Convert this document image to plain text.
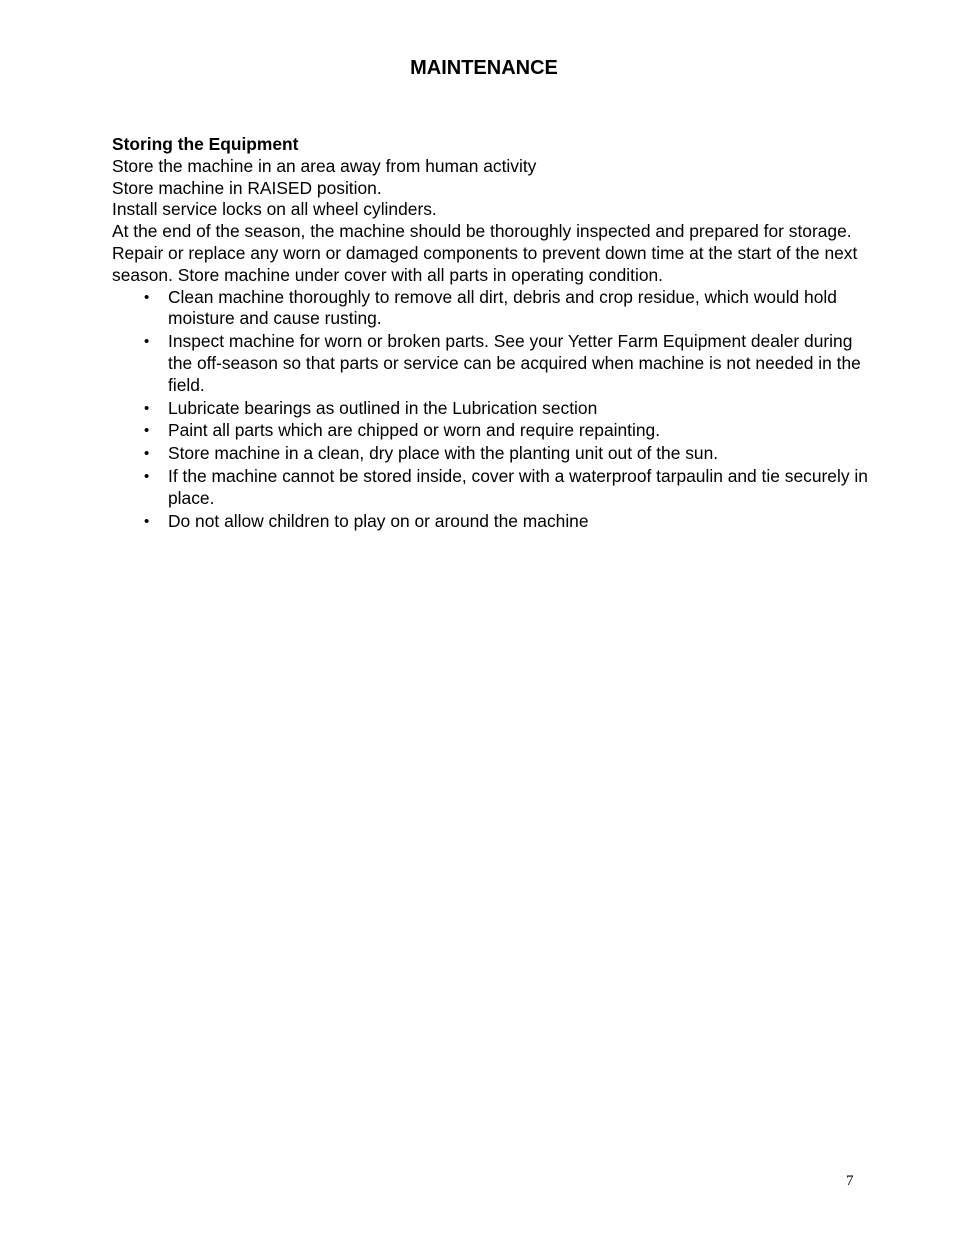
MAINTENANCE

Storing the Equipment

Store the machine in an area away from human activity

Store machine in RAISED position.

Install service locks on all wheel cylinders.

At the end of the season, the machine should be thoroughly inspected and prepared for storage. Repair or replace any worn or damaged components to prevent down time at the start of the next season. Store machine under cover with all parts in operating condition.

• Clean machine thoroughly to remove all dirt, debris and crop residue, which would hold moisture and cause rusting.
• Inspect machine for worn or broken parts. See your Yetter Farm Equipment dealer during the off-season so that parts or service can be acquired when machine is not needed in the field.
• Lubricate bearings as outlined in the Lubrication section
• Paint all parts which are chipped or worn and require repainting.
• Store machine in a clean, dry place with the planting unit out of the sun.
• If the machine cannot be stored inside, cover with a waterproof tarpaulin and tie securely in place.
• Do not allow children to play on or around the machine
7
